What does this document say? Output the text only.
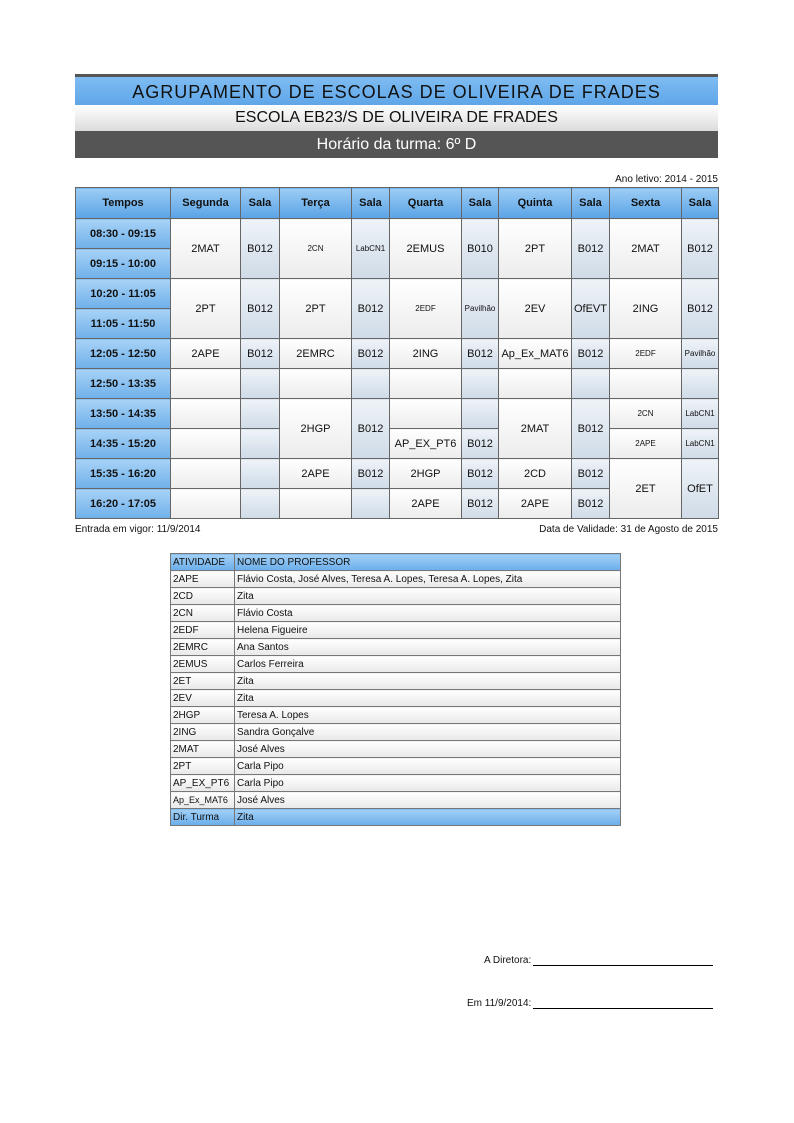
AGRUPAMENTO DE ESCOLAS DE OLIVEIRA DE FRADES
ESCOLA EB23/S DE OLIVEIRA DE FRADES
Horário da turma: 6º D
Ano letivo: 2014 - 2015
Tempos	Segunda	Sala	Terça	Sala	Quarta	Sala	Quinta	Sala	Sexta	Sala
08:30 - 09:15	2MAT	B012	2CN	LabCN1	2EMUS	B010	2PT	B012	2MAT	B012
09:15 - 10:00										
10:20 - 11:05	2PT	B012	2PT	B012	2EDF	Pavilhão	2EV	OfEVT	2ING	B012
11:05 - 11:50										
12:05 - 12:50	2APE	B012	2EMRC	B012	2ING	B012	Ap_Ex_MAT6	B012	2EDF	Pavilhão
12:50 - 13:35										
13:50 - 14:35			2HGP	B012			2MAT	B012	2CN	LabCN1
14:35 - 15:20					AP_EX_PT6	B012			2APE	LabCN1
15:35 - 16:20			2APE	B012	2HGP	B012	2CD	B012	2ET	OfET
16:20 - 17:05					2APE	B012	2APE	B012		
Entrada em vigor: 11/9/2014	Data de Validade: 31 de Agosto de 2015
ATIVIDADE	NOME DO PROFESSOR
2APE	Flávio Costa, José Alves, Teresa A. Lopes, Teresa A. Lopes, Zita
2CD	Zita
2CN	Flávio Costa
2EDF	Helena Figueire
2EMRC	Ana Santos
2EMUS	Carlos Ferreira
2ET	Zita
2EV	Zita
2HGP	Teresa A. Lopes
2ING	Sandra Gonçalve
2MAT	José Alves
2PT	Carla Pipo
AP_EX_PT6	Carla Pipo
Ap_Ex_MAT6	José Alves
Dir. Turma	Zita
A Diretora:
Em 11/9/2014:
